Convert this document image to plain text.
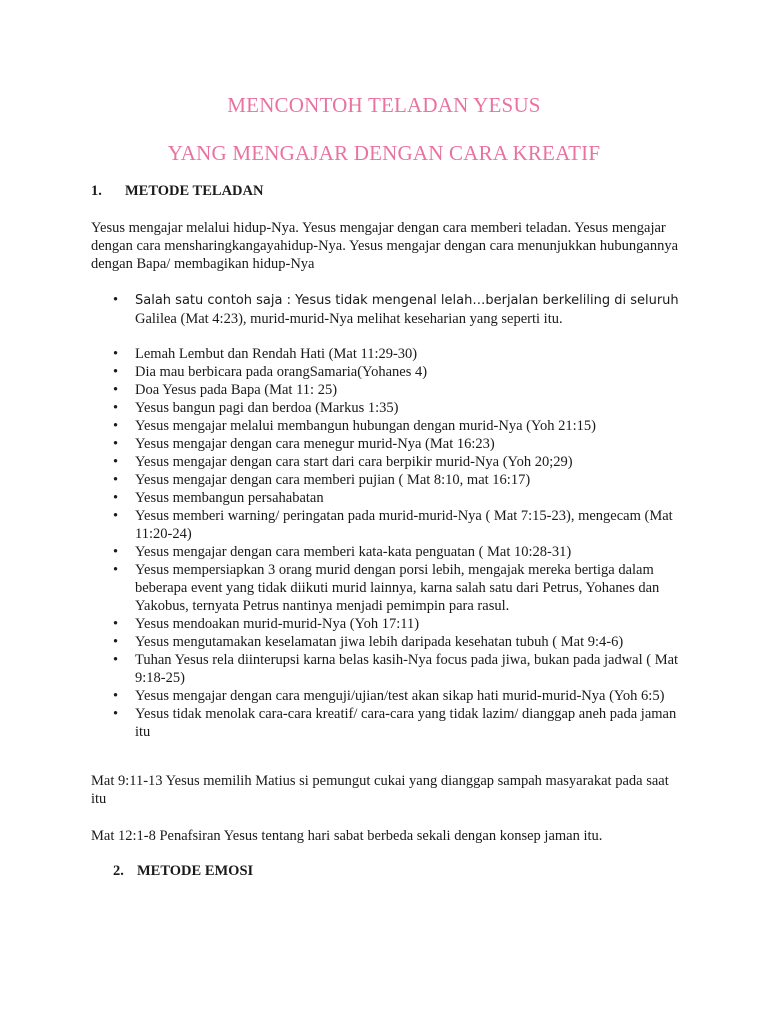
MENCONTOH TELADAN YESUS
YANG MENGAJAR DENGAN CARA KREATIF
1. METODE TELADAN

Yesus mengajar melalui hidup-Nya. Yesus mengajar dengan cara memberi teladan. Yesus mengajar dengan cara mensharingkangayahidup-Nya. Yesus mengajar dengan cara menunjukkan hubungannya dengan Bapa/ membagikan hidup-Nya

• Salah satu contoh saja : Yesus tidak mengenal lelah…berjalan berkeliling di seluruh Galilea (Mat 4:23), murid-murid-Nya melihat keseharian yang seperti itu.
• Lemah Lembut dan Rendah Hati (Mat 11:29-30)
• Dia mau berbicara pada orangSamaria(Yohanes 4)
• Doa Yesus pada Bapa (Mat 11: 25)
• Yesus bangun pagi dan berdoa (Markus 1:35)
• Yesus mengajar melalui membangun hubungan dengan murid-Nya (Yoh 21:15)
• Yesus mengajar dengan cara menegur murid-Nya (Mat 16:23)
• Yesus mengajar dengan cara start dari cara berpikir murid-Nya (Yoh 20;29)
• Yesus mengajar dengan cara memberi pujian ( Mat 8:10, mat 16:17)
• Yesus membangun persahabatan
• Yesus memberi warning/ peringatan pada murid-murid-Nya ( Mat 7:15-23), mengecam (Mat 11:20-24)
• Yesus mengajar dengan cara memberi kata-kata penguatan ( Mat 10:28-31)
• Yesus mempersiapkan 3 orang murid dengan porsi lebih, mengajak mereka bertiga dalam beberapa event yang tidak diikuti murid lainnya, karna salah satu dari Petrus, Yohanes dan Yakobus, ternyata Petrus nantinya menjadi pemimpin para rasul.
• Yesus mendoakan murid-murid-Nya (Yoh 17:11)
• Yesus mengutamakan keselamatan jiwa lebih daripada kesehatan tubuh ( Mat 9:4-6)
• Tuhan Yesus rela diinterupsi karna belas kasih-Nya focus pada jiwa, bukan pada jadwal ( Mat 9:18-25)
• Yesus mengajar dengan cara menguji/ujian/test akan sikap hati murid-murid-Nya (Yoh 6:5)
• Yesus tidak menolak cara-cara kreatif/ cara-cara yang tidak lazim/ dianggap aneh pada jaman itu

Mat 9:11-13 Yesus memilih Matius si pemungut cukai yang dianggap sampah masyarakat pada saat itu

Mat 12:1-8 Penafsiran Yesus tentang hari sabat berbeda sekali dengan konsep jaman itu.

2. METODE EMOSI
